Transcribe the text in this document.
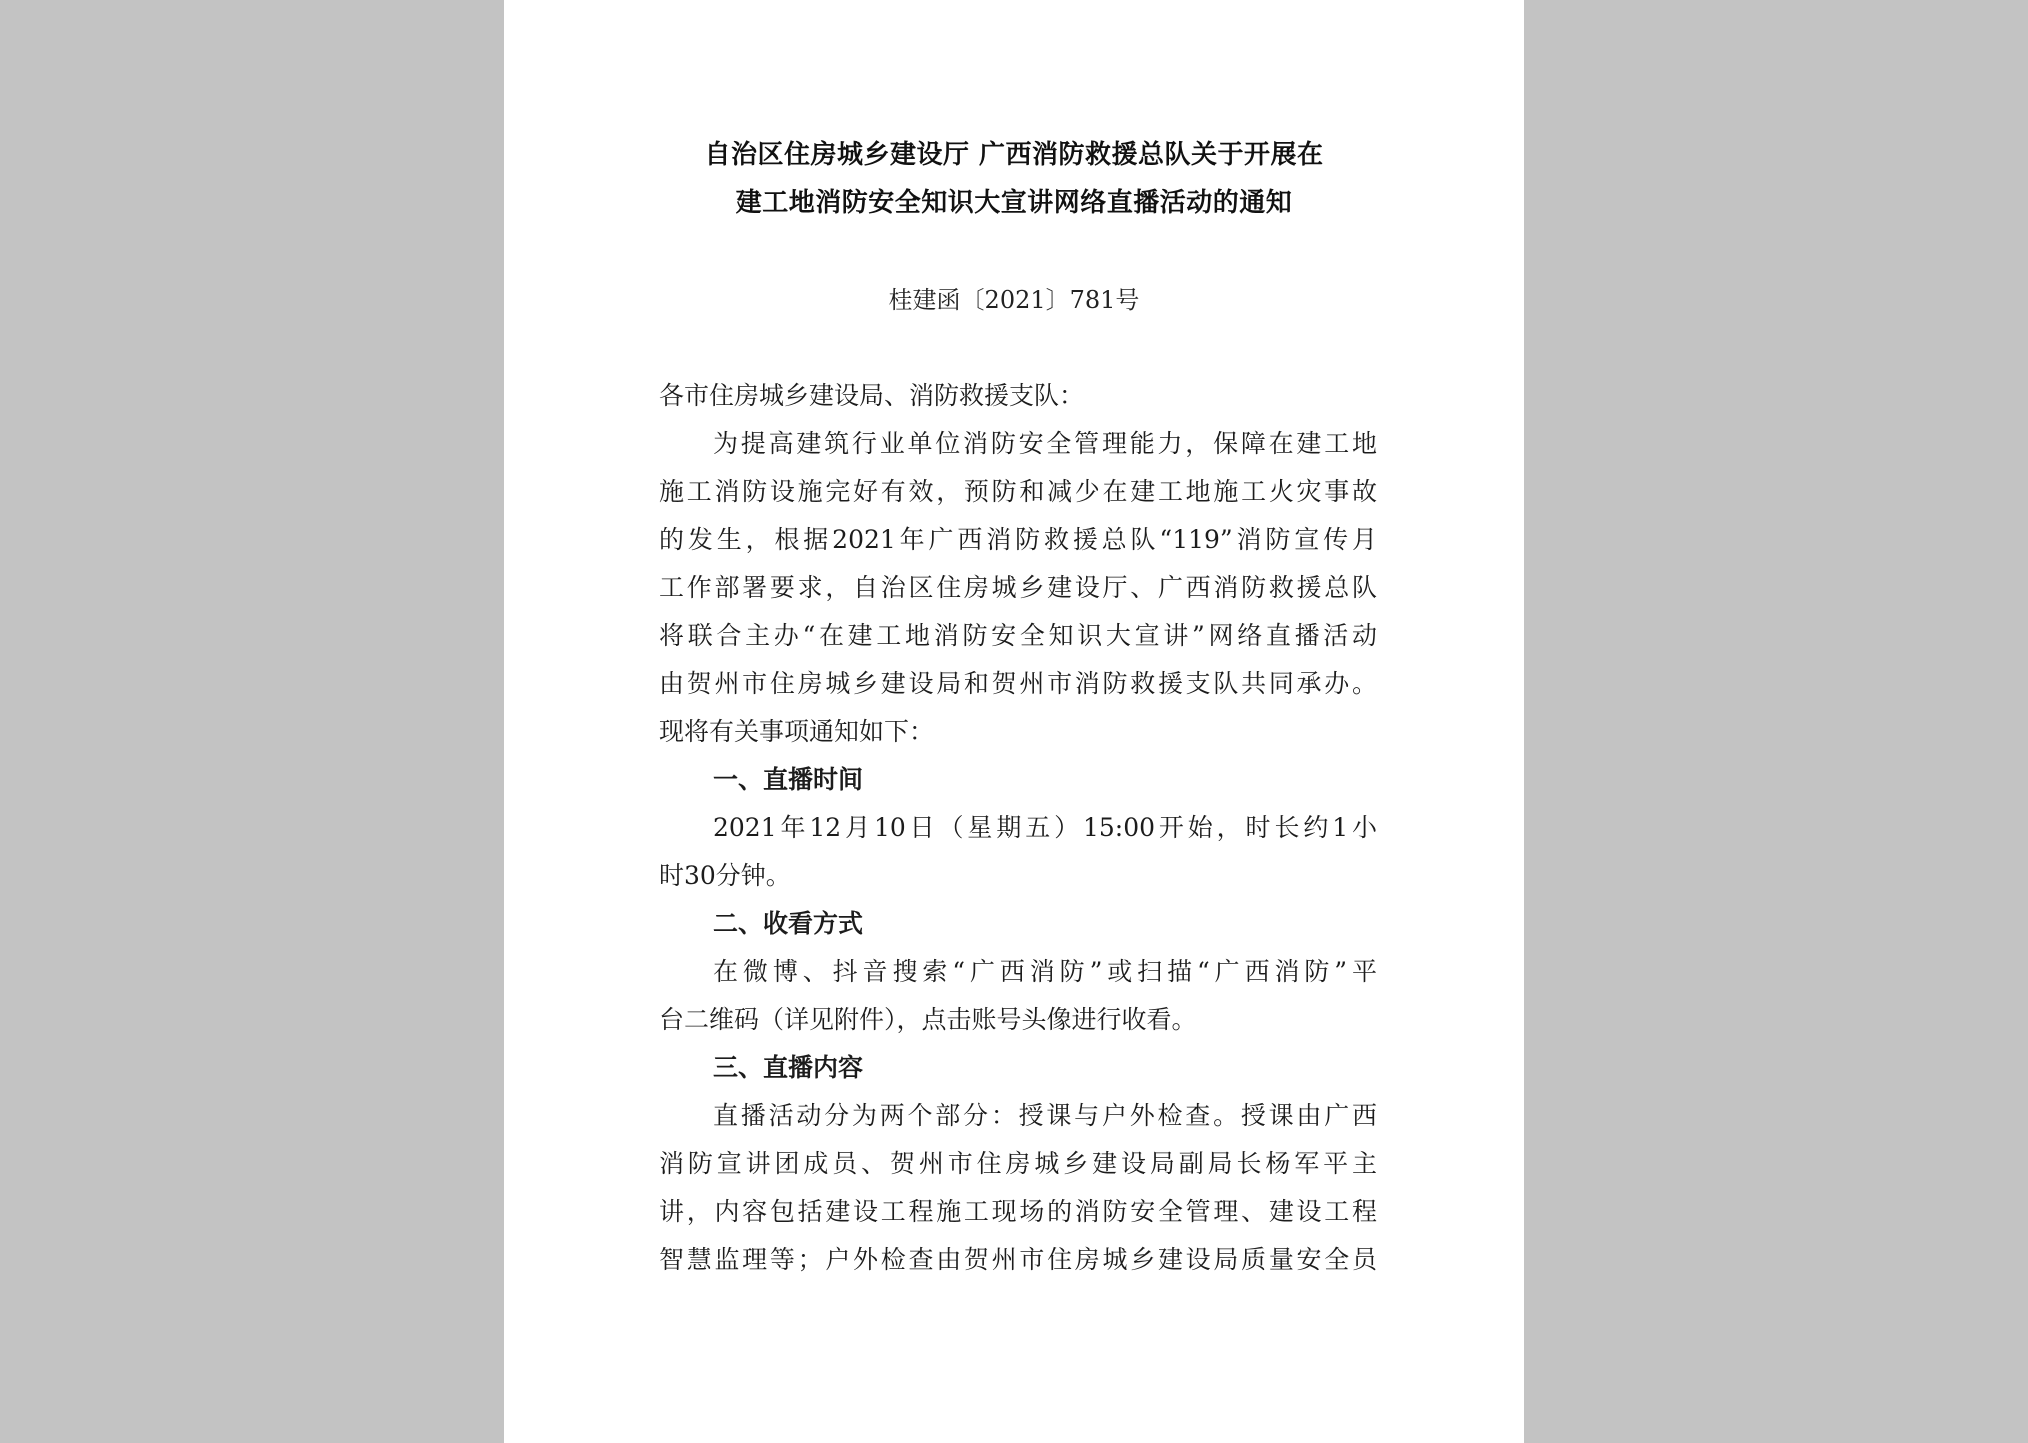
自治区住房城乡建设厅 广西消防救援总队关于开展在
建工地消防安全知识大宣讲网络直播活动的通知
桂建函〔2021〕781号
各市住房城乡建设局、消防救援支队：
为提高建筑行业单位消防安全管理能力，保障在建工地
施工消防设施完好有效，预防和减少在建工地施工火灾事故
的发生，根据2021年广西消防救援总队“119”消防宣传月
工作部署要求，自治区住房城乡建设厅、广西消防救援总队
将联合主办“在建工地消防安全知识大宣讲”网络直播活动
由贺州市住房城乡建设局和贺州市消防救援支队共同承办。
现将有关事项通知如下：
一、直播时间
2021年12月10日（星期五）15:00开始，时长约1小
时30分钟。
二、收看方式
在微博、抖音搜索“广西消防”或扫描“广西消防”平
台二维码（详见附件），点击账号头像进行收看。
三、直播内容
直播活动分为两个部分：授课与户外检查。授课由广西
消防宣讲团成员、贺州市住房城乡建设局副局长杨军平主
讲，内容包括建设工程施工现场的消防安全管理、建设工程
智慧监理等；户外检查由贺州市住房城乡建设局质量安全员
